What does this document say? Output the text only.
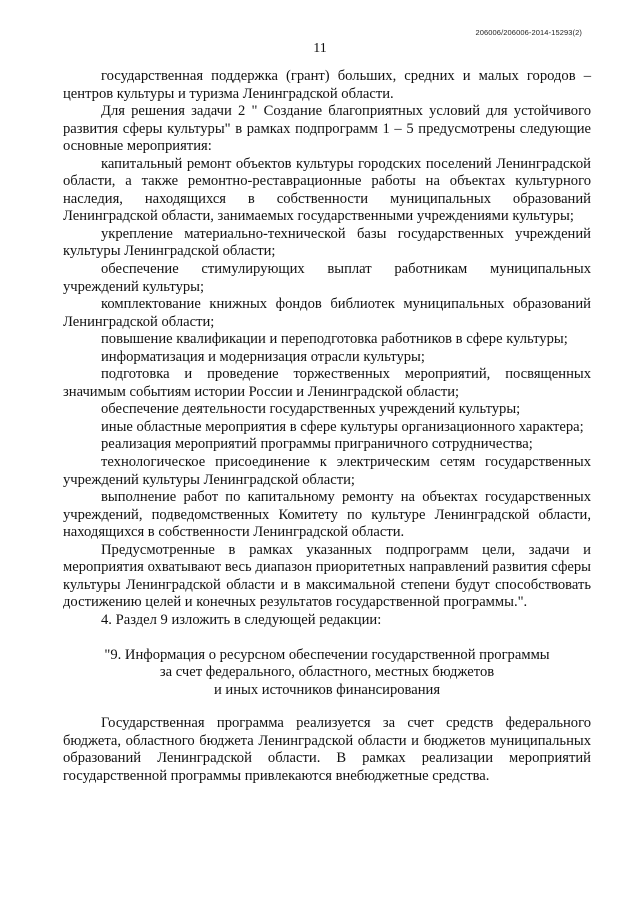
206006/206006-2014-15293(2)
11

государственная поддержка (грант) больших, средних и малых городов – центров культуры и туризма Ленинградской области.

Для решения задачи 2 " Создание благоприятных условий для устойчивого развития сферы культуры" в рамках подпрограмм 1 – 5 предусмотрены следующие основные мероприятия:

капитальный ремонт объектов культуры городских поселений Ленинградской области, а также ремонтно-реставрационные работы на объектах культурного наследия, находящихся в собственности муниципальных образований Ленинградской области, занимаемых государственными учреждениями культуры;

укрепление материально-технической базы государственных учреждений культуры Ленинградской области;

обеспечение стимулирующих выплат работникам муниципальных учреждений культуры;

комплектование книжных фондов библиотек муниципальных образований Ленинградской области;

повышение квалификации и переподготовка работников в сфере культуры;

информатизация и модернизация отрасли культуры;

подготовка и проведение торжественных мероприятий, посвященных значимым событиям истории России и Ленинградской области;

обеспечение деятельности государственных учреждений культуры;

иные областные мероприятия в сфере культуры организационного характера;

реализация мероприятий программы приграничного сотрудничества;

технологическое присоединение к электрическим сетям государственных учреждений культуры Ленинградской области;

выполнение работ по капитальному ремонту на объектах государственных учреждений, подведомственных Комитету по культуре Ленинградской области, находящихся в собственности Ленинградской области.

Предусмотренные в рамках указанных подпрограмм цели, задачи и мероприятия охватывают весь диапазон приоритетных направлений развития сферы культуры Ленинградской области и в максимальной степени будут способствовать достижению целей и конечных результатов государственной программы.".

4. Раздел 9 изложить в следующей редакции:

"9. Информация о ресурсном обеспечении государственной программы
за счет федерального, областного, местных бюджетов
и иных источников финансирования

Государственная программа реализуется за счет средств федерального бюджета, областного бюджета Ленинградской области и бюджетов муниципальных образований Ленинградской области. В рамках реализации мероприятий государственной программы привлекаются внебюджетные средства.
